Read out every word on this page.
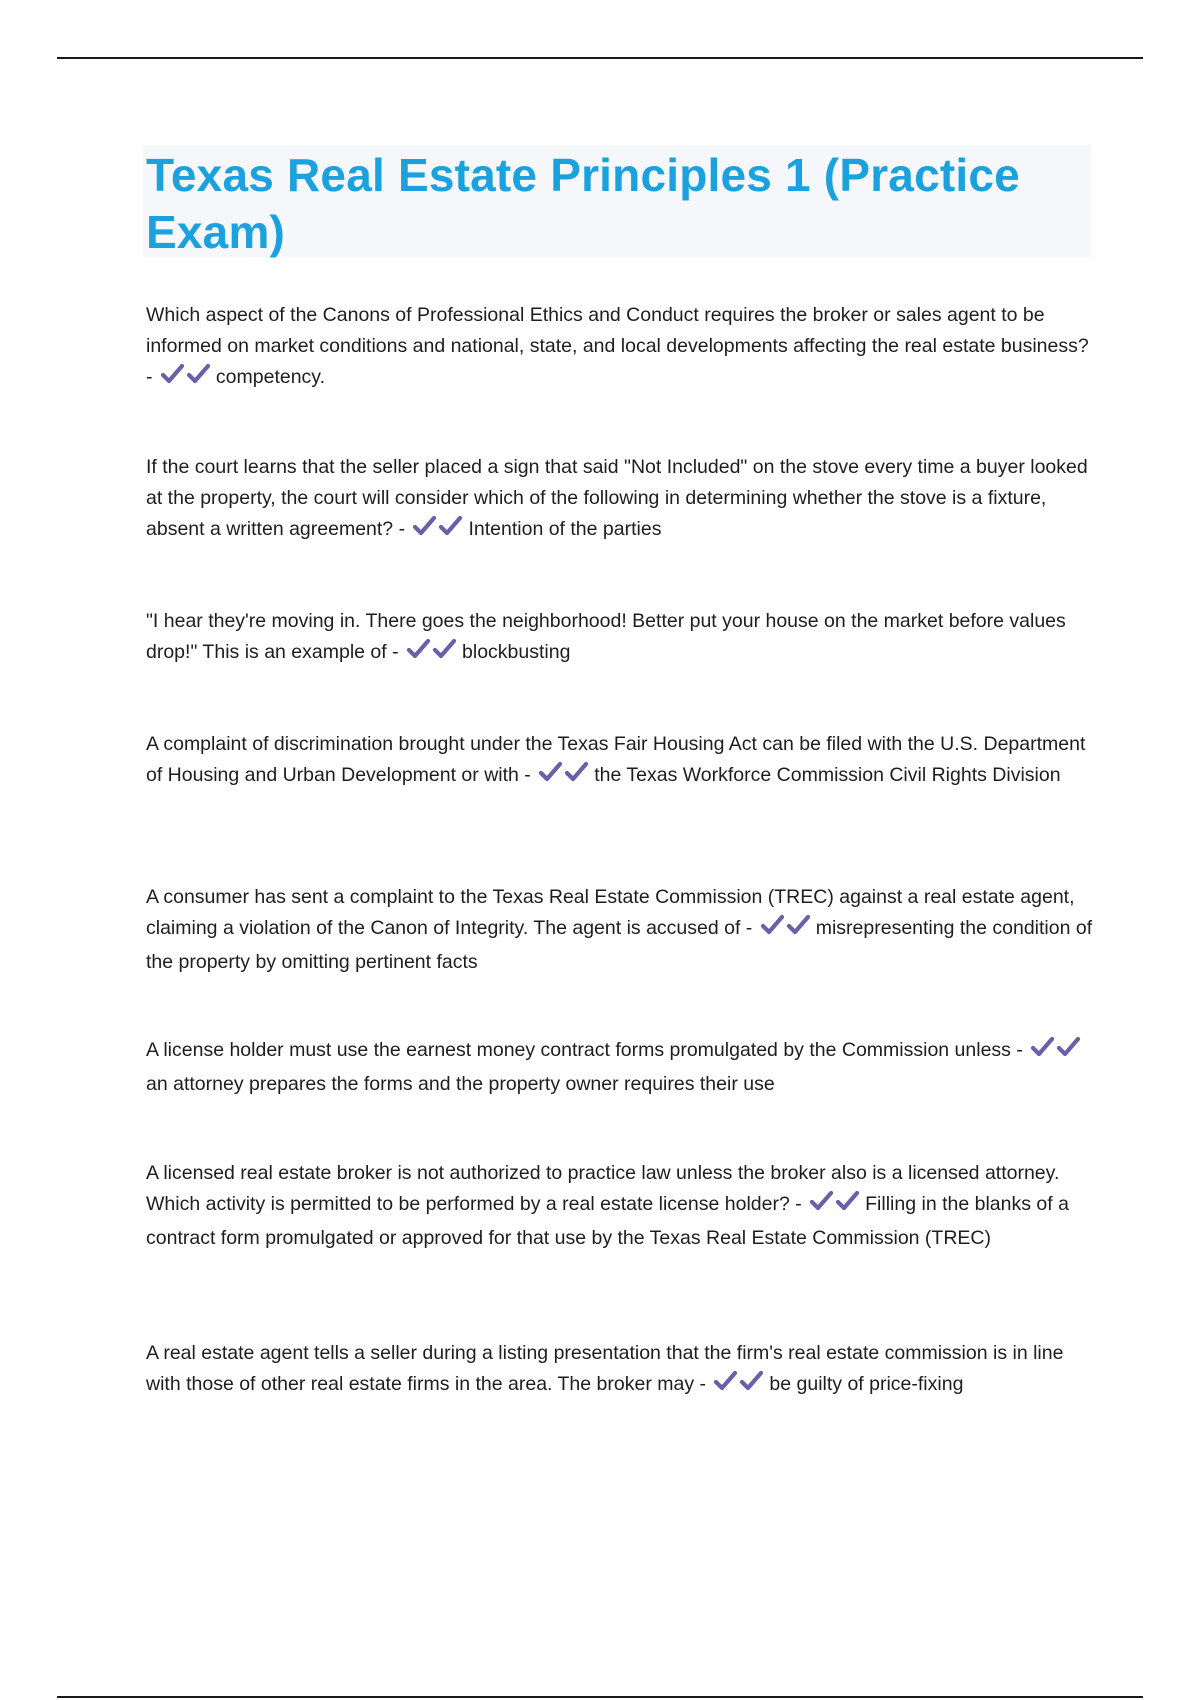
Texas Real Estate Principles 1 (Practice Exam)

Which aspect of the Canons of Professional Ethics and Conduct requires the broker or sales agent to be informed on market conditions and national, state, and local developments affecting the real estate business? -	competency.

If the court learns that the seller placed a sign that said "Not Included" on the stove every time a buyer looked at the property, the court will consider which of the following in determining whether the stove is a fixture, absent a written agreement? -	Intention of the parties

"I hear they're moving in. There goes the neighborhood! Better put your house on the market before values drop!" This is an example of -	blockbusting

A complaint of discrimination brought under the Texas Fair Housing Act can be filed with the U.S. Department of Housing and Urban Development or with -	the Texas Workforce Commission Civil Rights Division

A consumer has sent a complaint to the Texas Real Estate Commission (TREC) against a real estate agent, claiming a violation of the Canon of Integrity. The agent is accused of -	misrepresenting the condition of the property by omitting pertinent facts

A license holder must use the earnest money contract forms promulgated by the Commission unless -
an attorney prepares the forms and the property owner requires their use

A licensed real estate broker is not authorized to practice law unless the broker also is a licensed attorney. Which activity is permitted to be performed by a real estate license holder? -	Filling in the blanks of a contract form promulgated or approved for that use by the Texas Real Estate Commission (TREC)

A real estate agent tells a seller during a listing presentation that the firm's real estate commission is in line with those of other real estate firms in the area. The broker may -	be guilty of price-fixing
